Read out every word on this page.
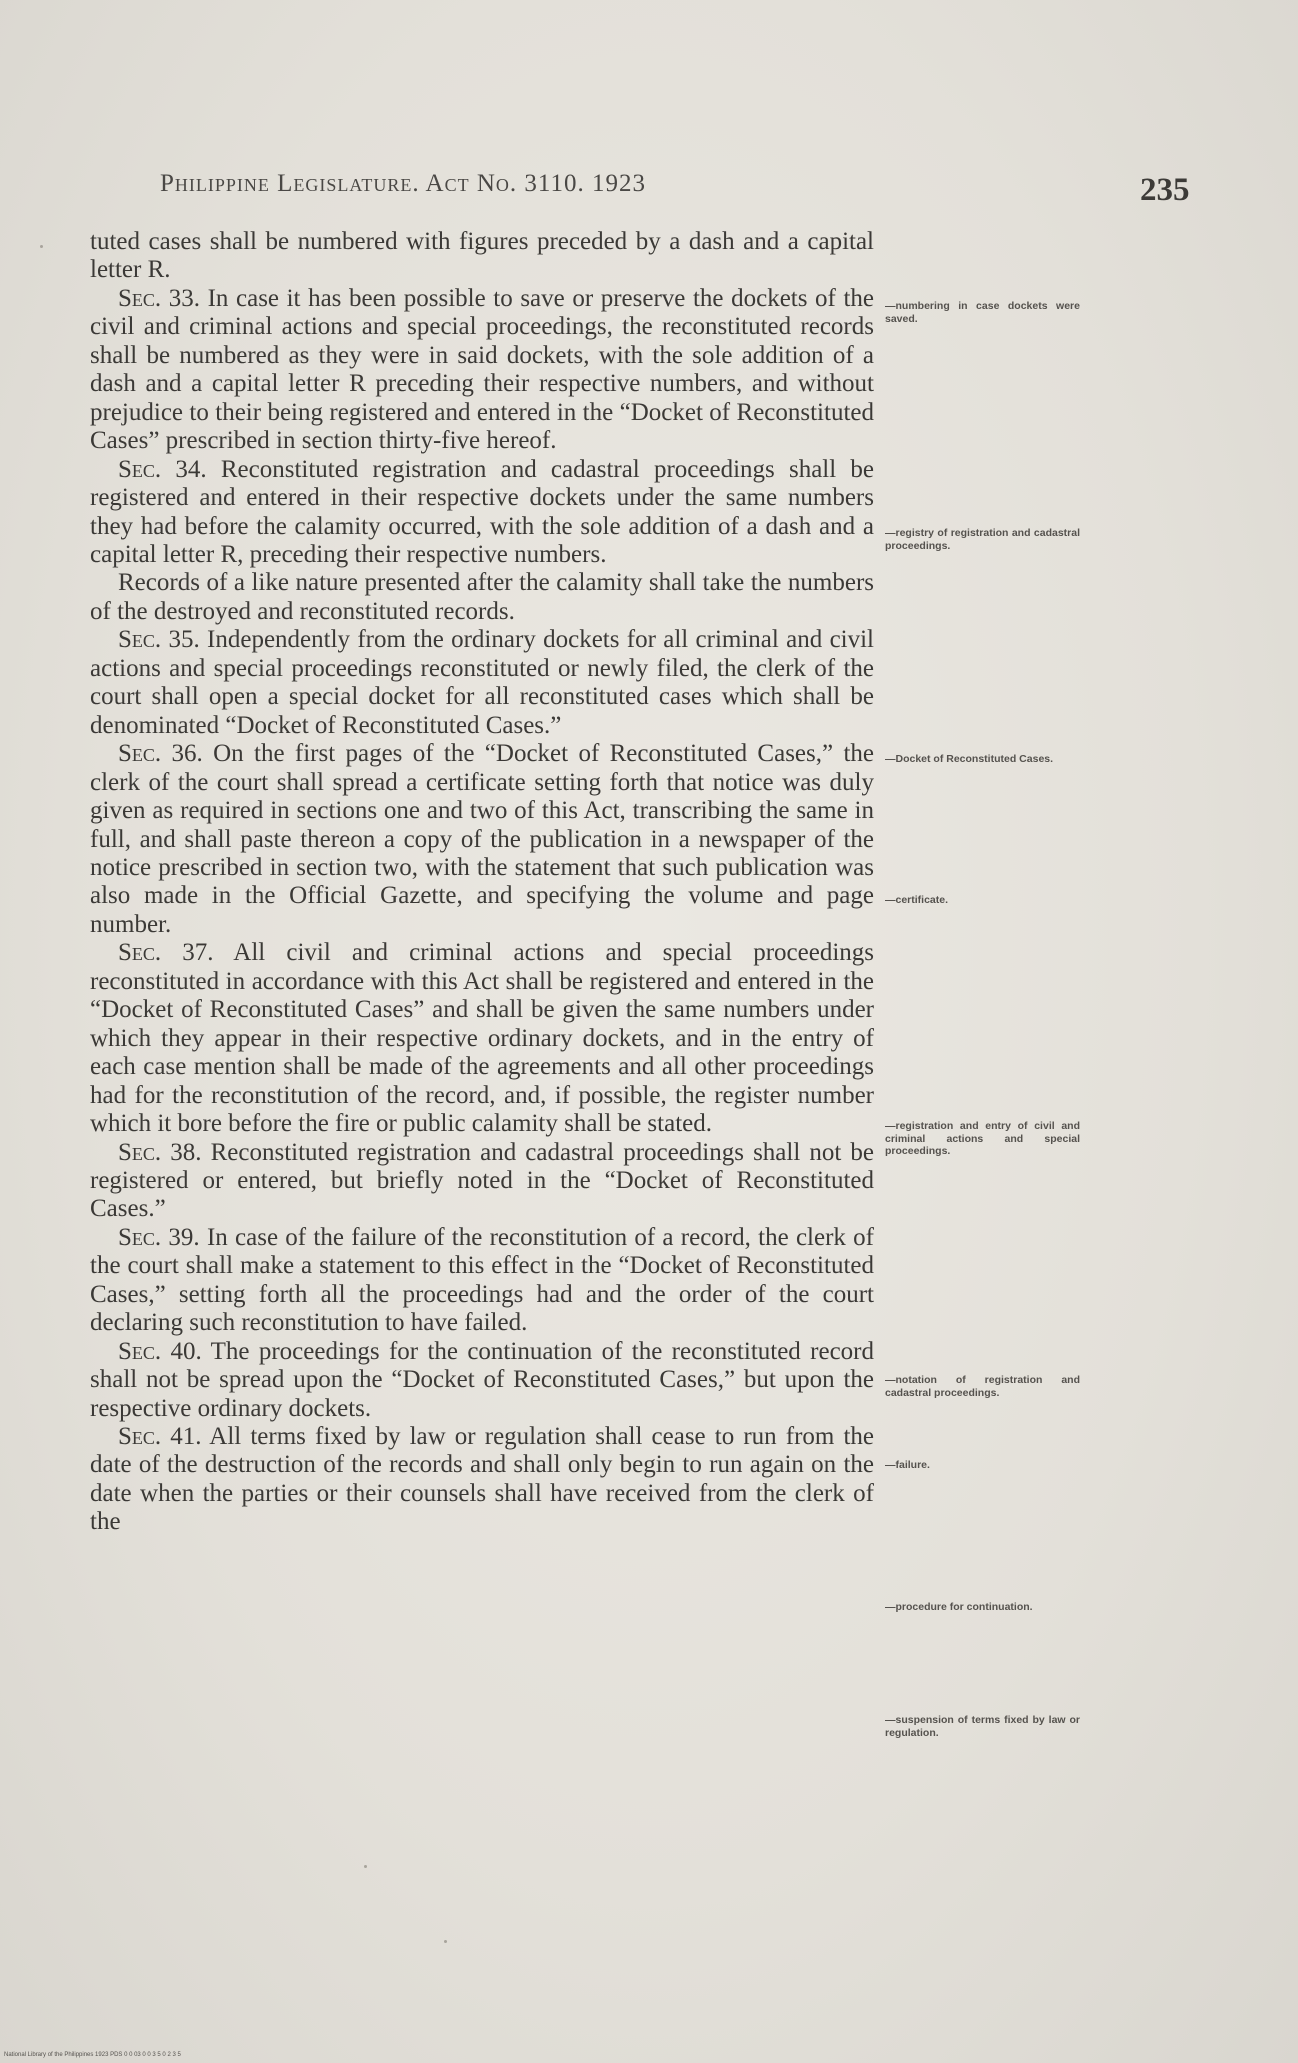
Philippine Legislature. Act No. 3110. 1923	235

tuted cases shall be numbered with figures preceded by a dash and a capital letter R.

Sec. 33. In case it has been possible to save or preserve the dockets of the civil and criminal actions and special proceedings, the reconstituted records shall be numbered as they were in said dockets, with the sole addition of a dash and a capital letter R preceding their respective numbers, and without prejudice to their being registered and entered in the “Docket of Reconstituted Cases” prescribed in section thirty-five hereof.

Sec. 34. Reconstituted registration and cadastral proceedings shall be registered and entered in their respective dockets under the same numbers they had before the calamity occurred, with the sole addition of a dash and a capital letter R, preceding their respective numbers.

Records of a like nature presented after the calamity shall take the numbers of the destroyed and reconstituted records.

Sec. 35. Independently from the ordinary dockets for all criminal and civil actions and special proceedings reconstituted or newly filed, the clerk of the court shall open a special docket for all reconstituted cases which shall be denominated “Docket of Reconstituted Cases.”

Sec. 36. On the first pages of the “Docket of Reconstituted Cases,” the clerk of the court shall spread a certificate setting forth that notice was duly given as required in sections one and two of this Act, transcribing the same in full, and shall paste thereon a copy of the publication in a newspaper of the notice prescribed in section two, with the statement that such publication was also made in the Official Gazette, and specifying the volume and page number.

Sec. 37. All civil and criminal actions and special proceedings reconstituted in accordance with this Act shall be registered and entered in the “Docket of Reconstituted Cases” and shall be given the same numbers under which they appear in their respective ordinary dockets, and in the entry of each case mention shall be made of the agreements and all other proceedings had for the reconstitution of the record, and, if possible, the register number which it bore before the fire or public calamity shall be stated.

Sec. 38. Reconstituted registration and cadastral proceedings shall not be registered or entered, but briefly noted in the “Docket of Reconstituted Cases.”

Sec. 39. In case of the failure of the reconstitution of a record, the clerk of the court shall make a statement to this effect in the “Docket of Reconstituted Cases,” setting forth all the proceedings had and the order of the court declaring such reconstitution to have failed.

Sec. 40. The proceedings for the continuation of the reconstituted record shall not be spread upon the “Docket of Reconstituted Cases,” but upon the respective ordinary dockets.

Sec. 41. All terms fixed by law or regulation shall cease to run from the date of the destruction of the records and shall only begin to run again on the date when the parties or their counsels shall have received from the clerk of the

—numbering in case dockets were saved.
—registry of registration and cadastral proceedings.
—Docket of Reconstituted Cases.
—certificate.
—registration and entry of civil and criminal actions and special proceedings.
—notation of registration and cadastral proceedings.
—failure.
—procedure for continuation.
—suspension of terms fixed by law or regulation.
National Library of the Philippines 1923 PDS 0 0 03 0 0 3 5 0 2 3 5
